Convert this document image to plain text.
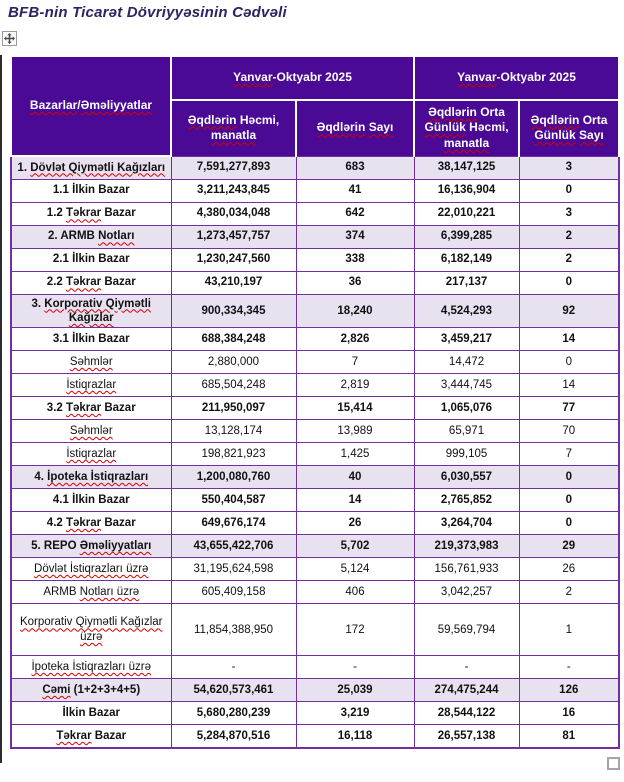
BFB-nin Ticarət Dövriyyəsinin Cədvəli
Bazarlar/Əməliyyatlar	Yanvar-Oktyabr 2025		Yanvar-Oktyabr 2025	
	Əqdlərin Həcmi, manatla	Əqdlərin Sayı	Əqdlərin Orta Günlük Həcmi, manatla	Əqdlərin Orta Günlük Sayı
1. Dövlət Qiymətli Kağızları	7,591,277,893	683	38,147,125	3
1.1 İlkin Bazar	3,211,243,845	41	16,136,904	0
1.2 Təkrar Bazar	4,380,034,048	642	22,010,221	3
2. ARMB Notları	1,273,457,757	374	6,399,285	2
2.1 İlkin Bazar	1,230,247,560	338	6,182,149	2
2.2 Təkrar Bazar	43,210,197	36	217,137	0
3. Korporativ Qiymətli Kağızlar	900,334,345	18,240	4,524,293	92
3.1 İlkin Bazar	688,384,248	2,826	3,459,217	14
Səhmlər	2,880,000	7	14,472	0
İstiqrazlar	685,504,248	2,819	3,444,745	14
3.2 Təkrar Bazar	211,950,097	15,414	1,065,076	77
Səhmlər	13,128,174	13,989	65,971	70
İstiqrazlar	198,821,923	1,425	999,105	7
4. İpoteka İstiqrazları	1,200,080,760	40	6,030,557	0
4.1 İlkin Bazar	550,404,587	14	2,765,852	0
4.2 Təkrar Bazar	649,676,174	26	3,264,704	0
5. REPO Əməliyyatları	43,655,422,706	5,702	219,373,983	29
Dövlət İstiqrazları üzrə	31,195,624,598	5,124	156,761,933	26
ARMB Notları üzrə	605,409,158	406	3,042,257	2
Korporativ Qiymətli Kağızlar üzrə	11,854,388,950	172	59,569,794	1
İpoteka İstiqrazları üzrə	-	-	-	-
Cəmi (1+2+3+4+5)	54,620,573,461	25,039	274,475,244	126
İlkin Bazar	5,680,280,239	3,219	28,544,122	16
Təkrar Bazar	5,284,870,516	16,118	26,557,138	81
